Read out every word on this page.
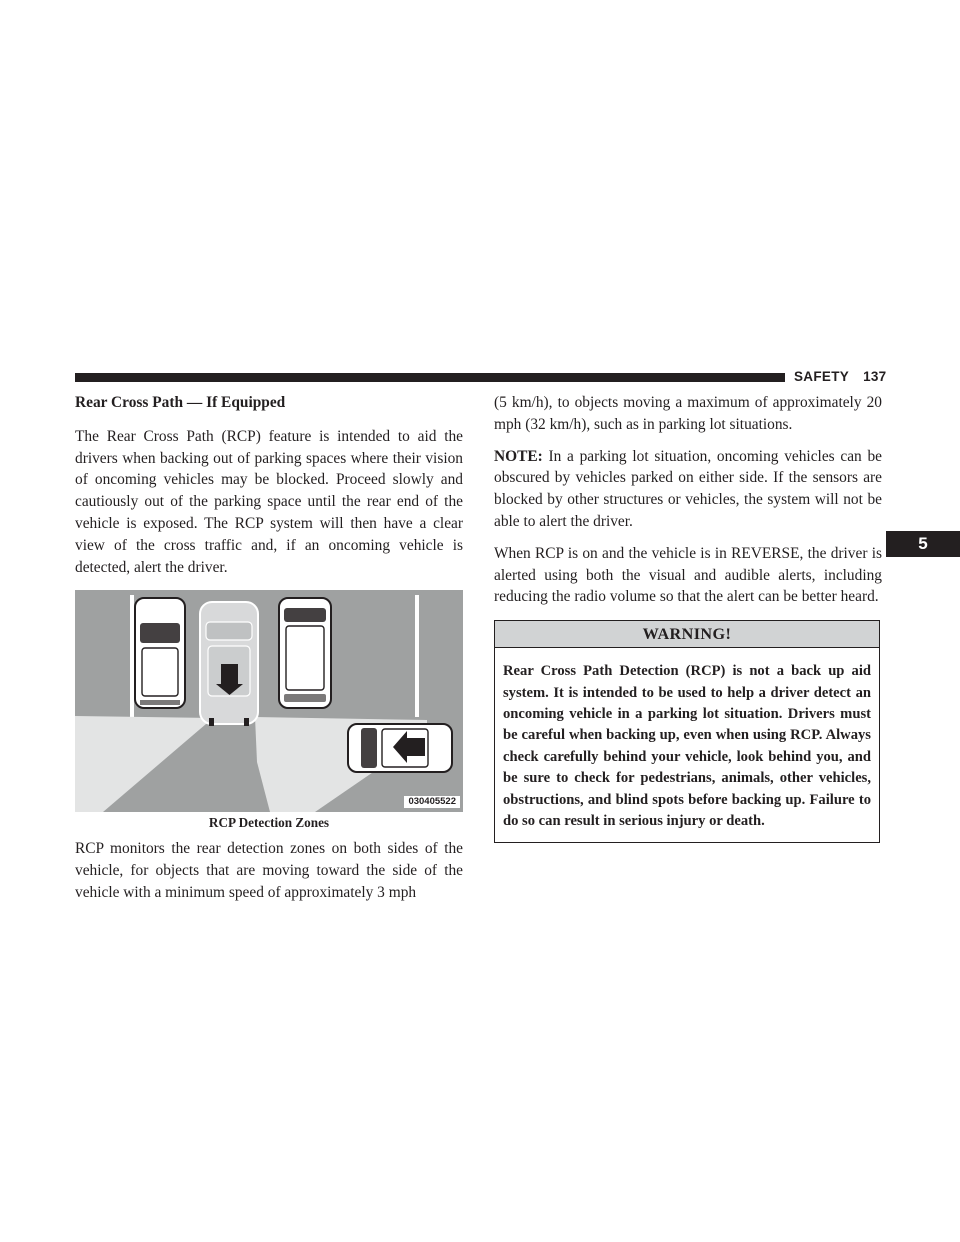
SAFETY 137
5
Rear Cross Path — If Equipped

The Rear Cross Path (RCP) feature is intended to aid the drivers when backing out of parking spaces where their vision of oncoming vehicles may be blocked. Proceed slowly and cautiously out of the parking space until the rear end of the vehicle is exposed. The RCP system will then have a clear view of the cross traffic and, if an oncoming vehicle is detected, alert the driver.

030405522
RCP Detection Zones

RCP monitors the rear detection zones on both sides of the vehicle, for objects that are moving toward the side of the vehicle with a minimum speed of approximately 3 mph

(5 km/h), to objects moving a maximum of approximately 20 mph (32 km/h), such as in parking lot situations.

NOTE: In a parking lot situation, oncoming vehicles can be obscured by vehicles parked on either side. If the sensors are blocked by other structures or vehicles, the system will not be able to alert the driver.

When RCP is on and the vehicle is in REVERSE, the driver is alerted using both the visual and audible alerts, including reducing the radio volume so that the alert can be better heard.

WARNING!
Rear Cross Path Detection (RCP) is not a back up aid system. It is intended to be used to help a driver detect an oncoming vehicle in a parking lot situation. Drivers must be careful when backing up, even when using RCP. Always check carefully behind your vehicle, look behind you, and be sure to check for pedestrians, animals, other vehicles, obstructions, and blind spots before backing up. Failure to do so can result in serious injury or death.
